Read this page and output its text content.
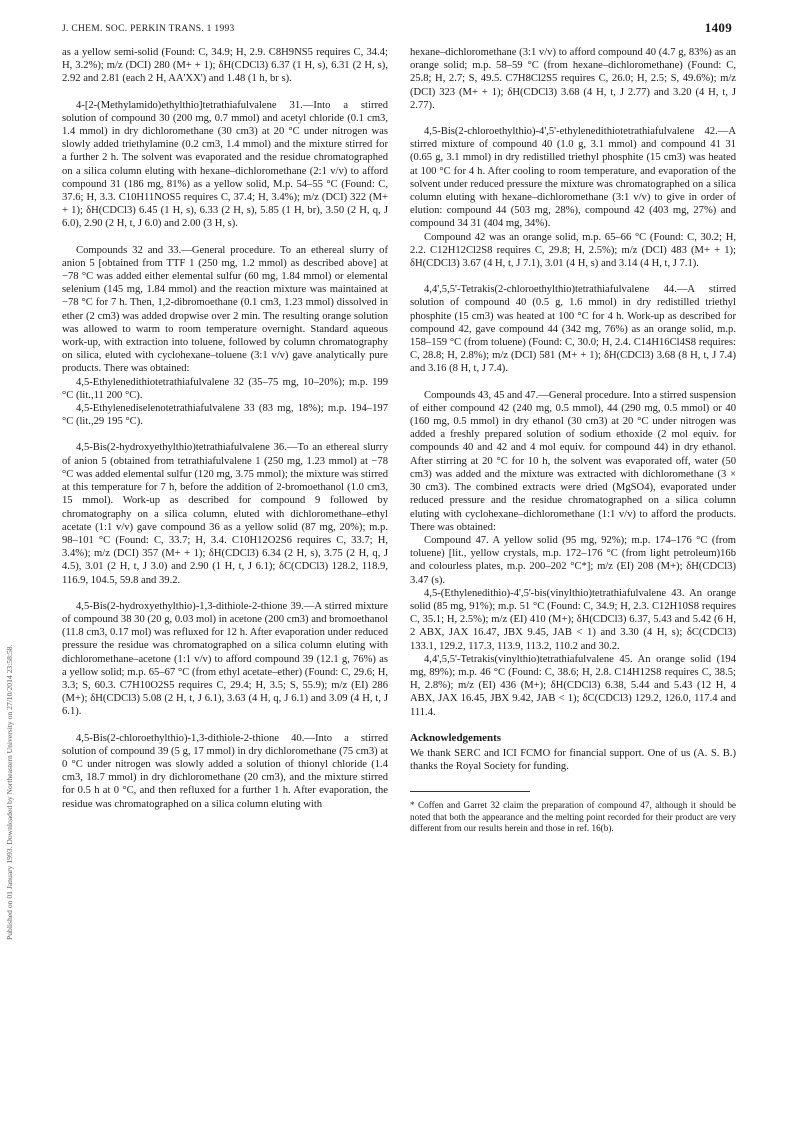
J. CHEM. SOC. PERKIN TRANS. 1 1993	1409
Published on 01 January 1993. Downloaded by Northeastern University on 27/10/2014 23:58:58.

as a yellow semi-solid (Found: C, 34.9; H, 2.9. C8H9NS5 requires C, 34.4; H, 3.2%); m/z (DCI) 280 (M+ + 1); δH(CDCl3) 6.37 (1 H, s), 6.31 (2 H, s), 2.92 and 2.81 (each 2 H, AA'XX') and 1.48 (1 h, br s).

4-[2-(Methylamido)ethylthio]tetrathiafulvalene 31.—Into a stirred solution of compound 30 (200 mg, 0.7 mmol) and acetyl chloride (0.1 cm3, 1.4 mmol) in dry dichloromethane (30 cm3) at 20 °C under nitrogen was slowly added triethylamine (0.2 cm3, 1.4 mmol) and the mixture stirred for a further 2 h. The solvent was evaporated and the residue chromatographed on a silica column eluting with hexane–dichloromethane (2:1 v/v) to afford compound 31 (186 mg, 81%) as a yellow solid, M.p. 54–55 °C (Found: C, 37.6; H, 3.3. C10H11NOS5 requires C, 37.4; H, 3.4%); m/z (DCI) 322 (M+ + 1); δH(CDCl3) 6.45 (1 H, s), 6.33 (2 H, s), 5.85 (1 H, br), 3.50 (2 H, q, J 6.0), 2.90 (2 H, t, J 6.0) and 2.00 (3 H, s).

Compounds 32 and 33.—General procedure. To an ethereal slurry of anion 5 [obtained from TTF 1 (250 mg, 1.2 mmol) as described above] at −78 °C was added either elemental sulfur (60 mg, 1.84 mmol) or elemental selenium (145 mg, 1.84 mmol) and the reaction mixture was maintained at −78 °C for 7 h. Then, 1,2-dibromoethane (0.1 cm3, 1.23 mmol) dissolved in ether (2 cm3) was added dropwise over 2 min. The resulting orange solution was allowed to warm to room temperature overnight. Standard aqueous work-up, with extraction into toluene, followed by column chromatography on silica, eluted with cyclohexane–toluene (3:1 v/v) gave analytically pure products. There was obtained:

4,5-Ethylenedithiotetrathiafulvalene 32 (35–75 mg, 10–20%); m.p. 199 °C (lit.,11 200 °C).

4,5-Ethylenediselenotetrathiafulvalene 33 (83 mg, 18%); m.p. 194–197 °C (lit.,29 195 °C).

4,5-Bis(2-hydroxyethylthio)tetrathiafulvalene 36.—To an ethereal slurry of anion 5 (obtained from tetrathiafulvalene 1 (250 mg, 1.23 mmol) at −78 °C was added elemental sulfur (120 mg, 3.75 mmol); the mixture was stirred at this temperature for 7 h, before the addition of 2-bromoethanol (1.0 cm3, 15 mmol). Work-up as described for compound 9 followed by chromatography on a silica column, eluted with dichloromethane–ethyl acetate (1:1 v/v) gave compound 36 as a yellow solid (87 mg, 20%); m.p. 98–101 °C (Found: C, 33.7; H, 3.4. C10H12O2S6 requires C, 33.7; H, 3.4%); m/z (DCI) 357 (M+ + 1); δH(CDCl3) 6.34 (2 H, s), 3.75 (2 H, q, J 4.5), 3.01 (2 H, t, J 3.0) and 2.90 (1 H, t, J 6.1); δC(CDCl3) 128.2, 118.9, 116.9, 104.5, 59.8 and 39.2.

4,5-Bis(2-hydroxyethylthio)-1,3-dithiole-2-thione 39.—A stirred mixture of compound 38 30 (20 g, 0.03 mol) in acetone (200 cm3) and bromoethanol (11.8 cm3, 0.17 mol) was refluxed for 12 h. After evaporation under reduced pressure the residue was chromatographed on a silica column eluting with dichloromethane–acetone (1:1 v/v) to afford compound 39 (12.1 g, 76%) as a yellow solid; m.p. 65–67 °C (from ethyl acetate–ether) (Found: C, 29.6; H, 3.3; S, 60.3. C7H10O2S5 requires C, 29.4; H, 3.5; S, 55.9); m/z (EI) 286 (M+); δH(CDCl3) 5.08 (2 H, t, J 6.1), 3.63 (4 H, q, J 6.1) and 3.09 (4 H, t, J 6.1).

4,5-Bis(2-chloroethylthio)-1,3-dithiole-2-thione 40.—Into a stirred solution of compound 39 (5 g, 17 mmol) in dry dichloromethane (75 cm3) at 0 °C under nitrogen was slowly added a solution of thionyl chloride (1.4 cm3, 18.7 mmol) in dry dichloromethane (20 cm3), and the mixture stirred for 0.5 h at 0 °C, and then refluxed for a further 1 h. After evaporation, the residue was chromatographed on a silica column eluting with

hexane–dichloromethane (3:1 v/v) to afford compound 40 (4.7 g, 83%) as an orange solid; m.p. 58–59 °C (from hexane–dichloromethane) (Found: C, 25.8; H, 2.7; S, 49.5. C7H8Cl2S5 requires C, 26.0; H, 2.5; S, 49.6%); m/z (DCI) 323 (M+ + 1); δH(CDCl3) 3.68 (4 H, t, J 2.77) and 3.20 (4 H, t, J 2.77).

4,5-Bis(2-chloroethylthio)-4',5'-ethylenedithiotetrathiafulvalene 42.—A stirred mixture of compound 40 (1.0 g, 3.1 mmol) and compound 41 31 (0.65 g, 3.1 mmol) in dry redistilled triethyl phosphite (15 cm3) was heated at 100 °C for 4 h. After cooling to room temperature, and evaporation of the solvent under reduced pressure the mixture was chromatographed on a silica column eluting with hexane–dichloromethane (3:1 v/v) to give in order of elution: compound 44 (503 mg, 28%), compound 42 (403 mg, 27%) and compound 34 31 (404 mg, 34%).

Compound 42 was an orange solid, m.p. 65–66 °C (Found: C, 30.2; H, 2.2. C12H12Cl2S8 requires C, 29.8; H, 2.5%); m/z (DCI) 483 (M+ + 1); δH(CDCl3) 3.67 (4 H, t, J 7.1), 3.01 (4 H, s) and 3.14 (4 H, t, J 7.1).

4,4',5,5'-Tetrakis(2-chloroethylthio)tetrathiafulvalene 44.—A stirred solution of compound 40 (0.5 g, 1.6 mmol) in dry redistilled triethyl phosphite (15 cm3) was heated at 100 °C for 4 h. Work-up as described for compound 42, gave compound 44 (342 mg, 76%) as an orange solid, m.p. 158–159 °C (from toluene) (Found: C, 30.0; H, 2.4. C14H16Cl4S8 requires: C, 28.8; H, 2.8%); m/z (DCI) 581 (M+ + 1); δH(CDCl3) 3.68 (8 H, t, J 7.4) and 3.16 (8 H, t, J 7.4).

Compounds 43, 45 and 47.—General procedure. Into a stirred suspension of either compound 42 (240 mg, 0.5 mmol), 44 (290 mg, 0.5 mmol) or 40 (160 mg, 0.5 mmol) in dry ethanol (30 cm3) at 20 °C under nitrogen was added a freshly prepared solution of sodium ethoxide (2 mol equiv. for compounds 40 and 42 and 4 mol equiv. for compound 44) in dry ethanol. After stirring at 20 °C for 10 h, the solvent was evaporated off, water (50 cm3) was added and the mixture was extracted with dichloromethane (3 × 30 cm3). The combined extracts were dried (MgSO4), evaporated under reduced pressure and the residue chromatographed on a silica column eluting with cyclohexane–dichloromethane (1:1 v/v) to afford the products. There was obtained:

Compound 47. A yellow solid (95 mg, 92%); m.p. 174–176 °C (from toluene) [lit., yellow crystals, m.p. 172–176 °C (from light petroleum)16b and colourless plates, m.p. 200–202 °C*]; m/z (EI) 208 (M+); δH(CDCl3) 3.47 (s).

4,5-(Ethylenedithio)-4',5'-bis(vinylthio)tetrathiafulvalene 43. An orange solid (85 mg, 91%); m.p. 51 °C (Found: C, 34.9; H, 2.3. C12H10S8 requires C, 35.1; H, 2.5%); m/z (EI) 410 (M+); δH(CDCl3) 6.37, 5.43 and 5.42 (6 H, 2 ABX, JAX 16.47, JBX 9.45, JAB < 1) and 3.30 (4 H, s); δC(CDCl3) 133.1, 129.2, 117.3, 113.9, 113.2, 110.2 and 30.2.

4,4',5,5'-Tetrakis(vinylthio)tetrathiafulvalene 45. An orange solid (194 mg, 89%); m.p. 46 °C (Found: C, 38.6; H, 2.8. C14H12S8 requires C, 38.5; H, 2.8%); m/z (EI) 436 (M+); δH(CDCl3) 6.38, 5.44 and 5.43 (12 H, 4 ABX, JAX 16.45, JBX 9.42, JAB < 1); δC(CDCl3) 129.2, 126.0, 117.4 and 111.4.

Acknowledgements

We thank SERC and ICI FCMO for financial support. One of us (A. S. B.) thanks the Royal Society for funding.

* Coffen and Garret 32 claim the preparation of compound 47, although it should be noted that both the appearance and the melting point recorded for their product are very different from our results herein and those in ref. 16(b).
